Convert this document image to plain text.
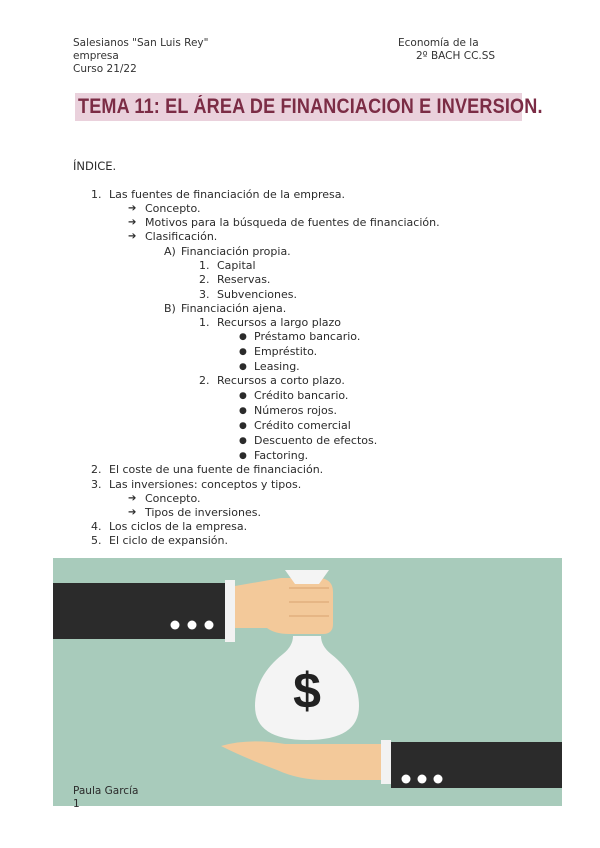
Salesianos "San Luis Rey"
empresa
Curso 21/22
Economía de la
2º BACH CC.SS
TEMA 11: EL ÁREA DE FINANCIACION E INVERSION.
ÍNDICE.
1. Las fuentes de financiación de la empresa.
➔ Concepto.
➔ Motivos para la búsqueda de fuentes de financiación.
➔ Clasificación.
A) Financiación propia.
1. Capital
2. Reservas.
3. Subvenciones.
B) Financiación ajena.
1. Recursos a largo plazo
● Préstamo bancario.
● Empréstito.
● Leasing.
2. Recursos a corto plazo.
● Crédito bancario.
● Números rojos.
● Crédito comercial
● Descuento de efectos.
● Factoring.
2. El coste de una fuente de financiación.
3. Las inversiones: conceptos y tipos.
➔ Concepto.
➔ Tipos de inversiones.
4. Los ciclos de la empresa.
5. El ciclo de expansión.
$
Paula García
1
